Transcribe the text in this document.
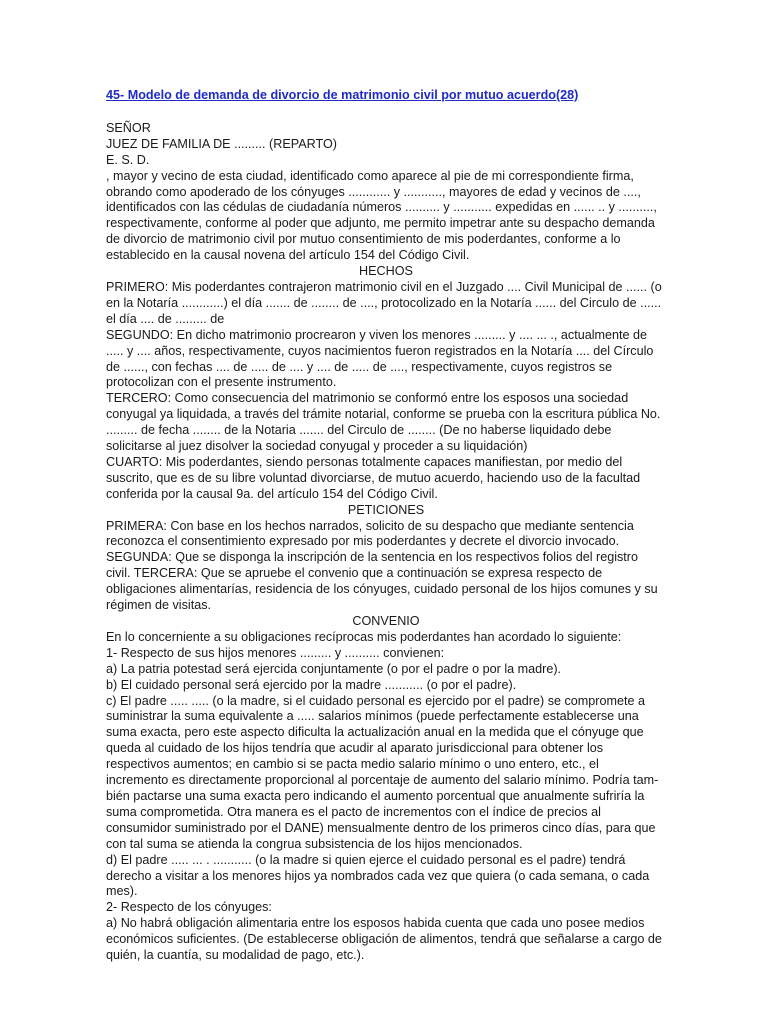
45- Modelo de demanda de divorcio de matrimonio civil por mutuo acuerdo(28)
SEÑOR
JUEZ DE FAMILIA DE ......... (REPARTO)
E. S. D.
, mayor y vecino de esta ciudad, identificado como aparece al pie de mi correspondiente firma,
obrando como apoderado de los cónyuges ............ y ..........., mayores de edad y vecinos de ....,
identificados con las cédulas de ciudadanía números .......... y ........... expedidas en ...... .. y ..........,
respectivamente, conforme al poder que adjunto, me permito impetrar ante su despacho demanda
de divorcio de matrimonio civil por mutuo consentimiento de mis poderdantes, conforme a lo
establecido en la causal novena del artículo 154 del Código Civil.
HECHOS
PRIMERO: Mis poderdantes contrajeron matrimonio civil en el Juzgado .... Civil Municipal de ...... (o
en la Notaría ............) el día ....... de ........ de ...., protocolizado en la Notaría ...... del Circulo de ......
el día .... de ......... de
SEGUNDO: En dicho matrimonio procrearon y viven los menores ......... y .... ... ., actualmente de
..... y .... años, respectivamente, cuyos nacimientos fueron registrados en la Notaría .... del Círculo
de ......, con fechas .... de ..... de .... y .... de ..... de ...., respectivamente, cuyos registros se
protocolizan con el presente instrumento.
TERCERO: Como consecuencia del matrimonio se conformó entre los esposos una sociedad
conyugal ya liquidada, a través del trámite notarial, conforme se prueba con la escritura pública No.
......... de fecha ........ de la Notaria ....... del Circulo de ........ (De no haberse liquidado debe
solicitarse al juez disolver la sociedad conyugal y proceder a su liquidación)
CUARTO: Mis poderdantes, siendo personas totalmente capaces manifiestan, por medio del
suscrito, que es de su libre voluntad divorciarse, de mutuo acuerdo, haciendo uso de la facultad
conferida por la causal 9a. del artículo 154 del Código Civil.
PETICIONES
PRIMERA: Con base en los hechos narrados, solicito de su despacho que mediante sentencia
reconozca el consentimiento expresado por mis poderdantes y decrete el divorcio invocado.
SEGUNDA: Que se disponga la inscripción de la sentencia en los respectivos folios del registro
civil. TERCERA: Que se apruebe el convenio que a continuación se expresa respecto de
obligaciones alimentarías, residencia de los cónyuges, cuidado personal de los hijos comunes y su
régimen de visitas.
CONVENIO
En lo concerniente a su obligaciones recíprocas mis poderdantes han acordado lo siguiente:
1- Respecto de sus hijos menores ......... y .......... convienen:
a) La patria potestad será ejercida conjuntamente (o por el padre o por la madre).
b) El cuidado personal será ejercido por la madre ........... (o por el padre).
c) El padre ..... ..... (o la madre, si el cuidado personal es ejercido por el padre) se compromete a
suministrar la suma equivalente a ..... salarios mínimos (puede perfectamente establecerse una
suma exacta, pero este aspecto dificulta la actualización anual en la medida que el cónyuge que
queda al cuidado de los hijos tendría que acudir al aparato jurisdiccional para obtener los
respectivos aumentos; en cambio si se pacta medio salario mínimo o uno entero, etc., el
incremento es directamente proporcional al porcentaje de aumento del salario mínimo. Podría tam-
bién pactarse una suma exacta pero indicando el aumento porcentual que anualmente sufriría la
suma comprometida. Otra manera es el pacto de incrementos con el índice de precios al
consumidor suministrado por el DANE) mensualmente dentro de los primeros cinco días, para que
con tal suma se atienda la congrua subsistencia de los hijos mencionados.
d) El padre ..... ... . ........... (o la madre si quien ejerce el cuidado personal es el padre) tendrá
derecho a visitar a los menores hijos ya nombrados cada vez que quiera (o cada semana, o cada
mes).
2- Respecto de los cónyuges:
a) No habrá obligación alimentaria entre los esposos habida cuenta que cada uno posee medios
económicos suficientes. (De establecerse obligación de alimentos, tendrá que señalarse a cargo de
quién, la cuantía, su modalidad de pago, etc.).
